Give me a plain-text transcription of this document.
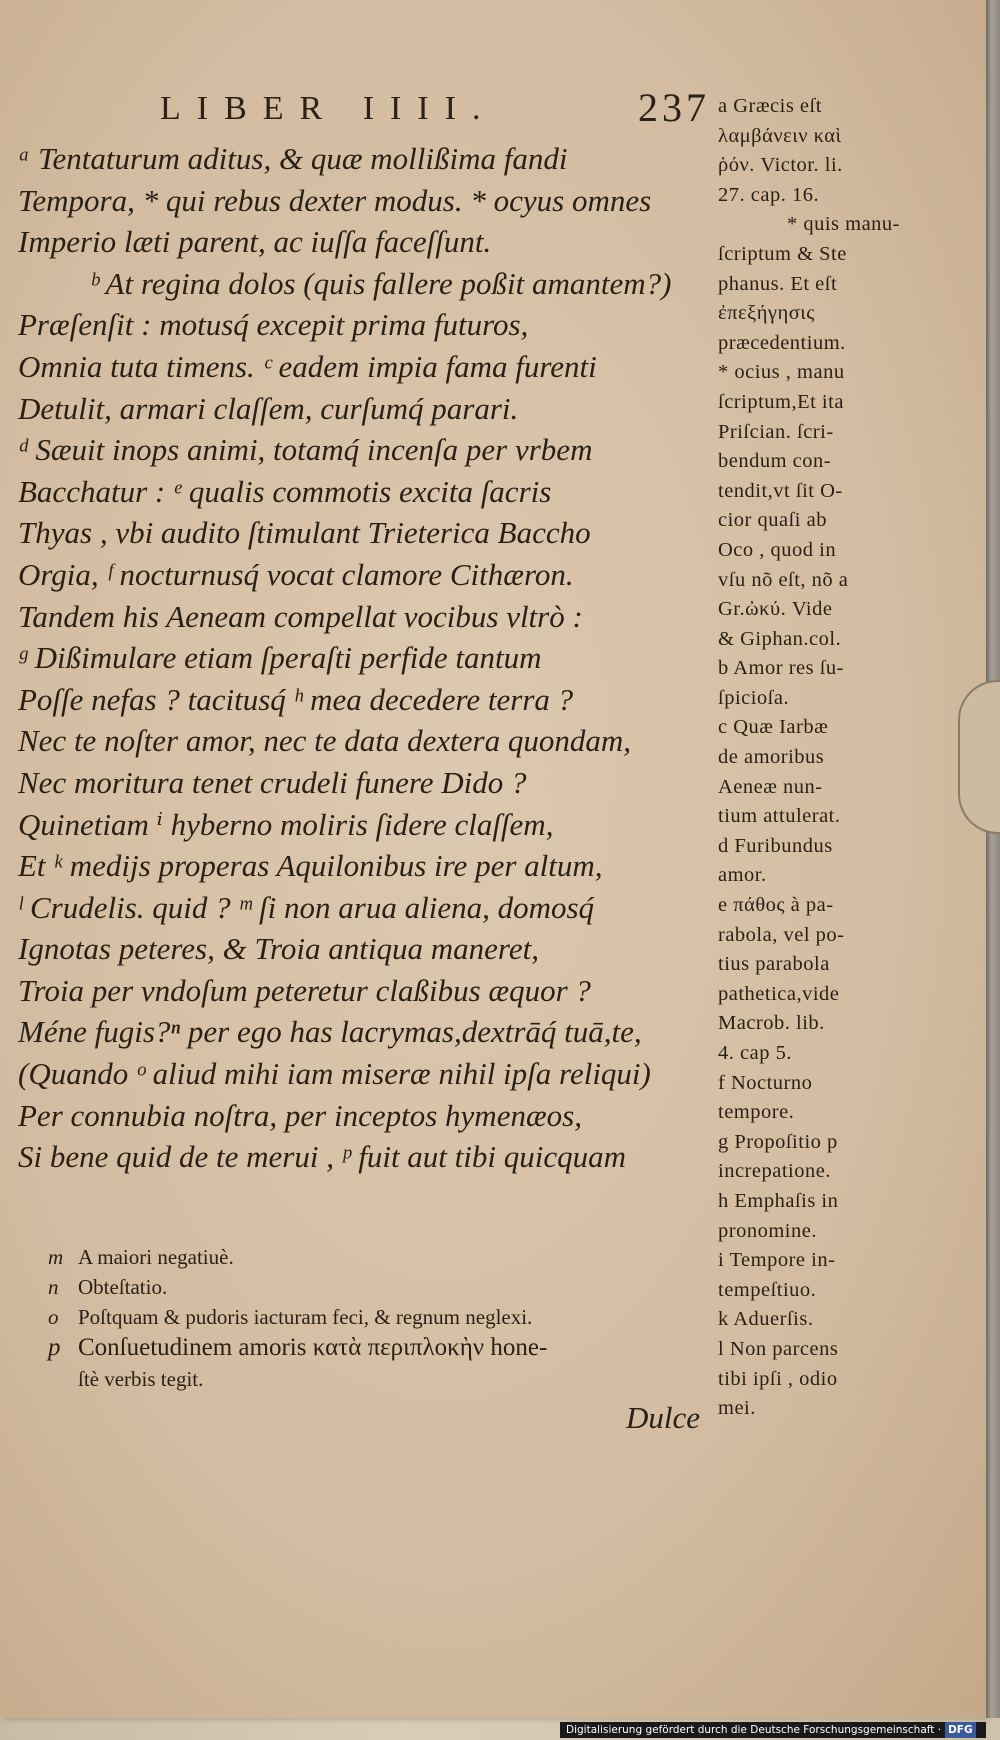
LIBER IIII.	237
ᵃ Tentaturum aditus, & quæ mollißima fandi
Tempora, * qui rebus dexter modus. * ocyus omnes
Imperio læti parent, ac iuſſa faceſſunt.
ᵇ At regina dolos (quis fallere poßit amantem?)
Præſenſit : motusq́ excepit prima futuros,
Omnia tuta timens. ᶜ eadem impia fama furenti
Detulit, armari claſſem, curſumq́ parari.
ᵈ Sæuit inops animi, totamq́ incenſa per vrbem
Bacchatur : ᵉ qualis commotis excita ſacris
Thyas , vbi audito ſtimulant Trieterica Baccho
Orgia, ᶠ nocturnusq́ vocat clamore Cithæron.
Tandem his Aeneam compellat vocibus vltrò :
ᵍ Dißimulare etiam ſperaſti perfide tantum
Poſſe nefas ? tacitusq́ ʰ mea decedere terra ?
Nec te noſter amor, nec te data dextera quondam,
Nec moritura tenet crudeli funere Dido ?
Quinetiam ⁱ hyberno moliris ſidere claſſem,
Et ᵏ medijs properas Aquilonibus ire per altum,
ˡ Crudelis. quid ? ᵐ ſi non arua aliena, domosq́
Ignotas peteres, & Troia antiqua maneret,
Troia per vndoſum peteretur claßibus æquor ?
Méne fugis?ⁿ per ego has lacrymas,dextrāq́ tuā,te,
(Quando ᵒ aliud mihi iam miseræ nihil ipſa reliqui)
Per connubia noſtra, per inceptos hymenæos,
Si bene quid de te merui , ᵖ fuit aut tibi quicquam
m A maiori negatiuè.
n Obteſtatio.
o Poſtquam & pudoris iacturam feci, & regnum neglexi.
p Conſuetudinem amoris κατὰ περιπλοκὴν hone-
ſtè verbis tegit.
Dulce
a Græcis eſt
λαμβάνειν καὶ
ῥόν. Victor. li.
27. cap. 16.
* quis manu-
ſcriptum & Ste
phanus. Et eſt
ἐπεξήγησις
præcedentium.
* ocius , manu
ſcriptum,Et ita
Priſcian. ſcri-
bendum con-
tendit,vt ſit O-
cior quaſi ab
Oco , quod in
vſu nõ eſt, nõ a
Gr.ὠκύ. Vide
& Giphan.col.
b Amor res ſu-
ſpicioſa.
c Quæ Iarbæ
de amoribus
Aeneæ nun-
tium attulerat.
d Furibundus
amor.
e πάθος à pa-
rabola, vel po-
tius parabola
pathetica,vide
Macrob. lib.
4. cap 5.
f Nocturno
tempore.
g Propoſitio p
increpatione.
h Emphaſis in
pronomine.
i Tempore in-
tempeſtiuo.
k Aduerſis.
l Non parcens
tibi ipſi , odio
mei.
Digitalisierung gefördert durch die Deutsche Forschungsgemeinschaft · DFG
